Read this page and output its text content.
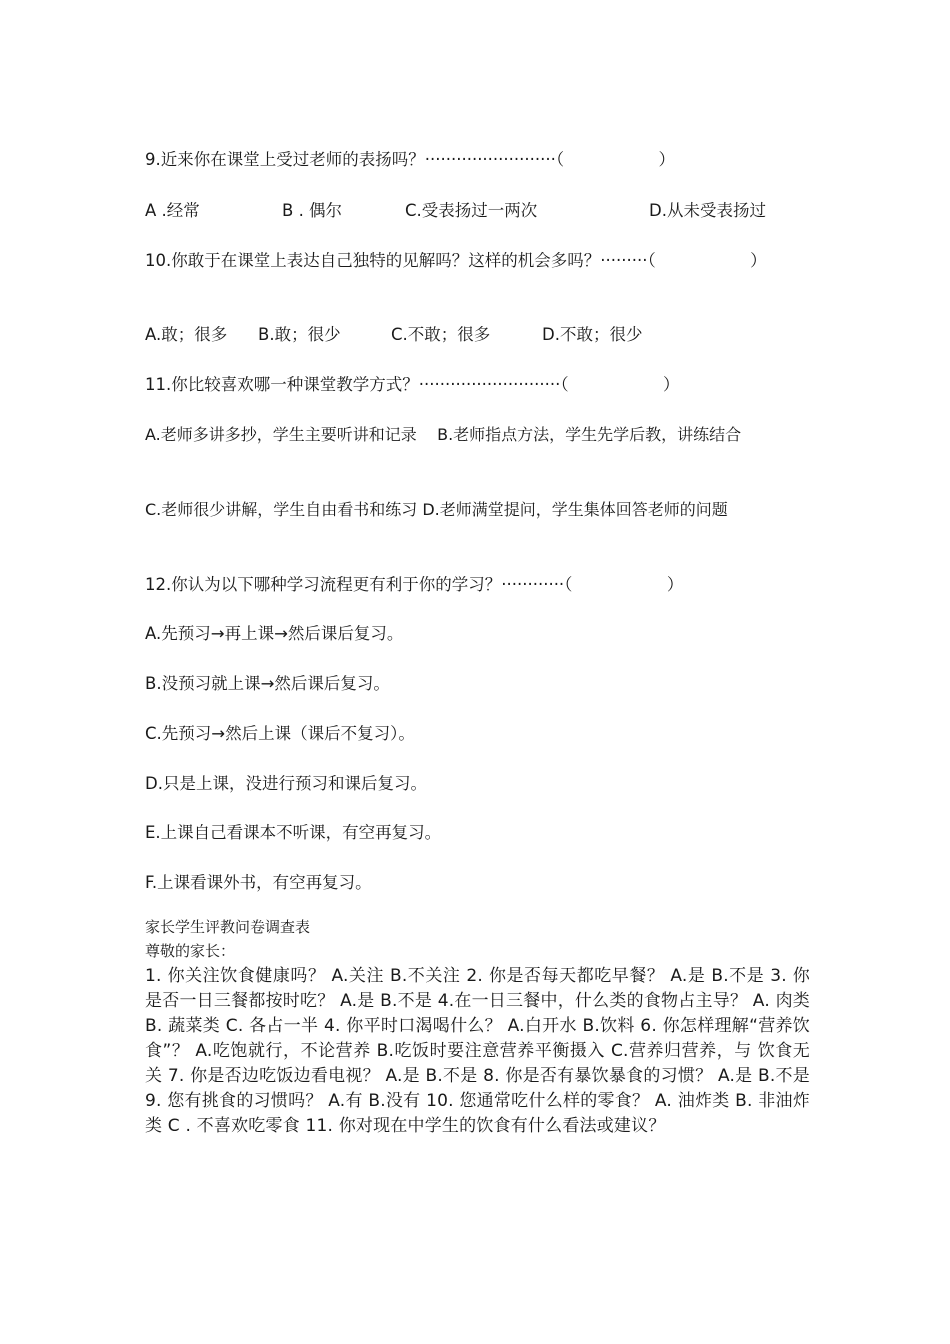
9.近来你在课堂上受过老师的表扬吗？·························（                  ）

A .经常

	B . 偶尔

	C.受表扬过一两次

	D.从未受表扬过

10.你敢于在课堂上表达自己独特的见解吗？这样的机会多吗？·········（                  ）

A.敢；很多

B.敢；很少

	C.不敢；很多

	D.不敢；很少

11.你比较喜欢哪一种课堂教学方式？···························（                  ）
A.老师多讲多抄，学生主要听讲和记录    B.老师指点方法，学生先学后教，讲练结合
C.老师很少讲解，学生自由看书和练习 D.老师满堂提问，学生集体回答老师的问题
12.你认为以下哪种学习流程更有利于你的学习？············（                  ）
A.先预习→再上课→然后课后复习。
B.没预习就上课→然后课后复习。
C.先预习→然后上课（课后不复习）。
D.只是上课，没进行预习和课后复习。
E.上课自己看课本不听课，有空再复习。
F.上课看课外书，有空再复习。
家长学生评教问卷调查表
尊敬的家长：
1. 你关注饮食健康吗？ A.关注 B.不关注 2. 你是否每天都吃早餐？ A.是 B.不是 3. 你是否一日三餐都按时吃？ A.是 B.不是 4.在一日三餐中，什么类的食物占主导？ A. 肉类 B. 蔬菜类 C. 各占一半 4. 你平时口渴喝什么？ A.白开水 B.饮料 6. 你怎样理解“营养饮食”？ A.吃饱就行，不论营养 B.吃饭时要注意营养平衡摄入 C.营养归营养，与 饮食无关 7. 你是否边吃饭边看电视？ A.是 B.不是 8. 你是否有暴饮暴食的习惯？ A.是 B.不是 9. 您有挑食的习惯吗？ A.有 B.没有 10. 您通常吃什么样的零食？ A. 油炸类 B. 非油炸类 C . 不喜欢吃零食 11. 你对现在中学生的饮食有什么看法或建议？
